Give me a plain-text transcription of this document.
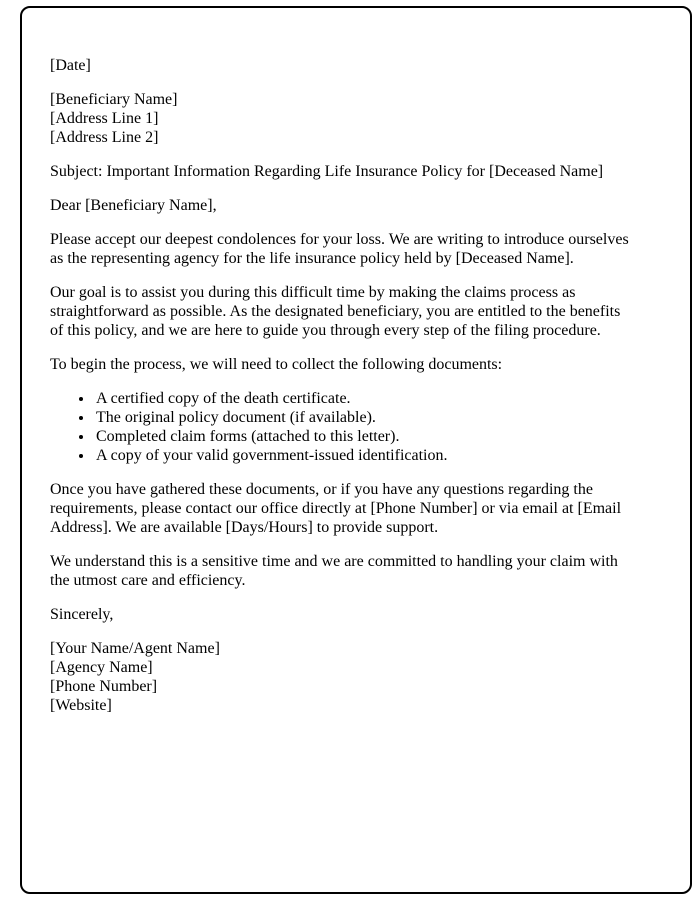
[Date]
[Beneficiary Name]
[Address Line 1]
[Address Line 2]
Subject: Important Information Regarding Life Insurance Policy for [Deceased Name]
Dear [Beneficiary Name],
Please accept our deepest condolences for your loss. We are writing to introduce ourselves as the representing agency for the life insurance policy held by [Deceased Name].
Our goal is to assist you during this difficult time by making the claims process as straightforward as possible. As the designated beneficiary, you are entitled to the benefits of this policy, and we are here to guide you through every step of the filing procedure.
To begin the process, we will need to collect the following documents:
• A certified copy of the death certificate.
• The original policy document (if available).
• Completed claim forms (attached to this letter).
• A copy of your valid government-issued identification.
Once you have gathered these documents, or if you have any questions regarding the requirements, please contact our office directly at [Phone Number] or via email at [Email Address]. We are available [Days/Hours] to provide support.
We understand this is a sensitive time and we are committed to handling your claim with the utmost care and efficiency.
Sincerely,
[Your Name/Agent Name]
[Agency Name]
[Phone Number]
[Website]
